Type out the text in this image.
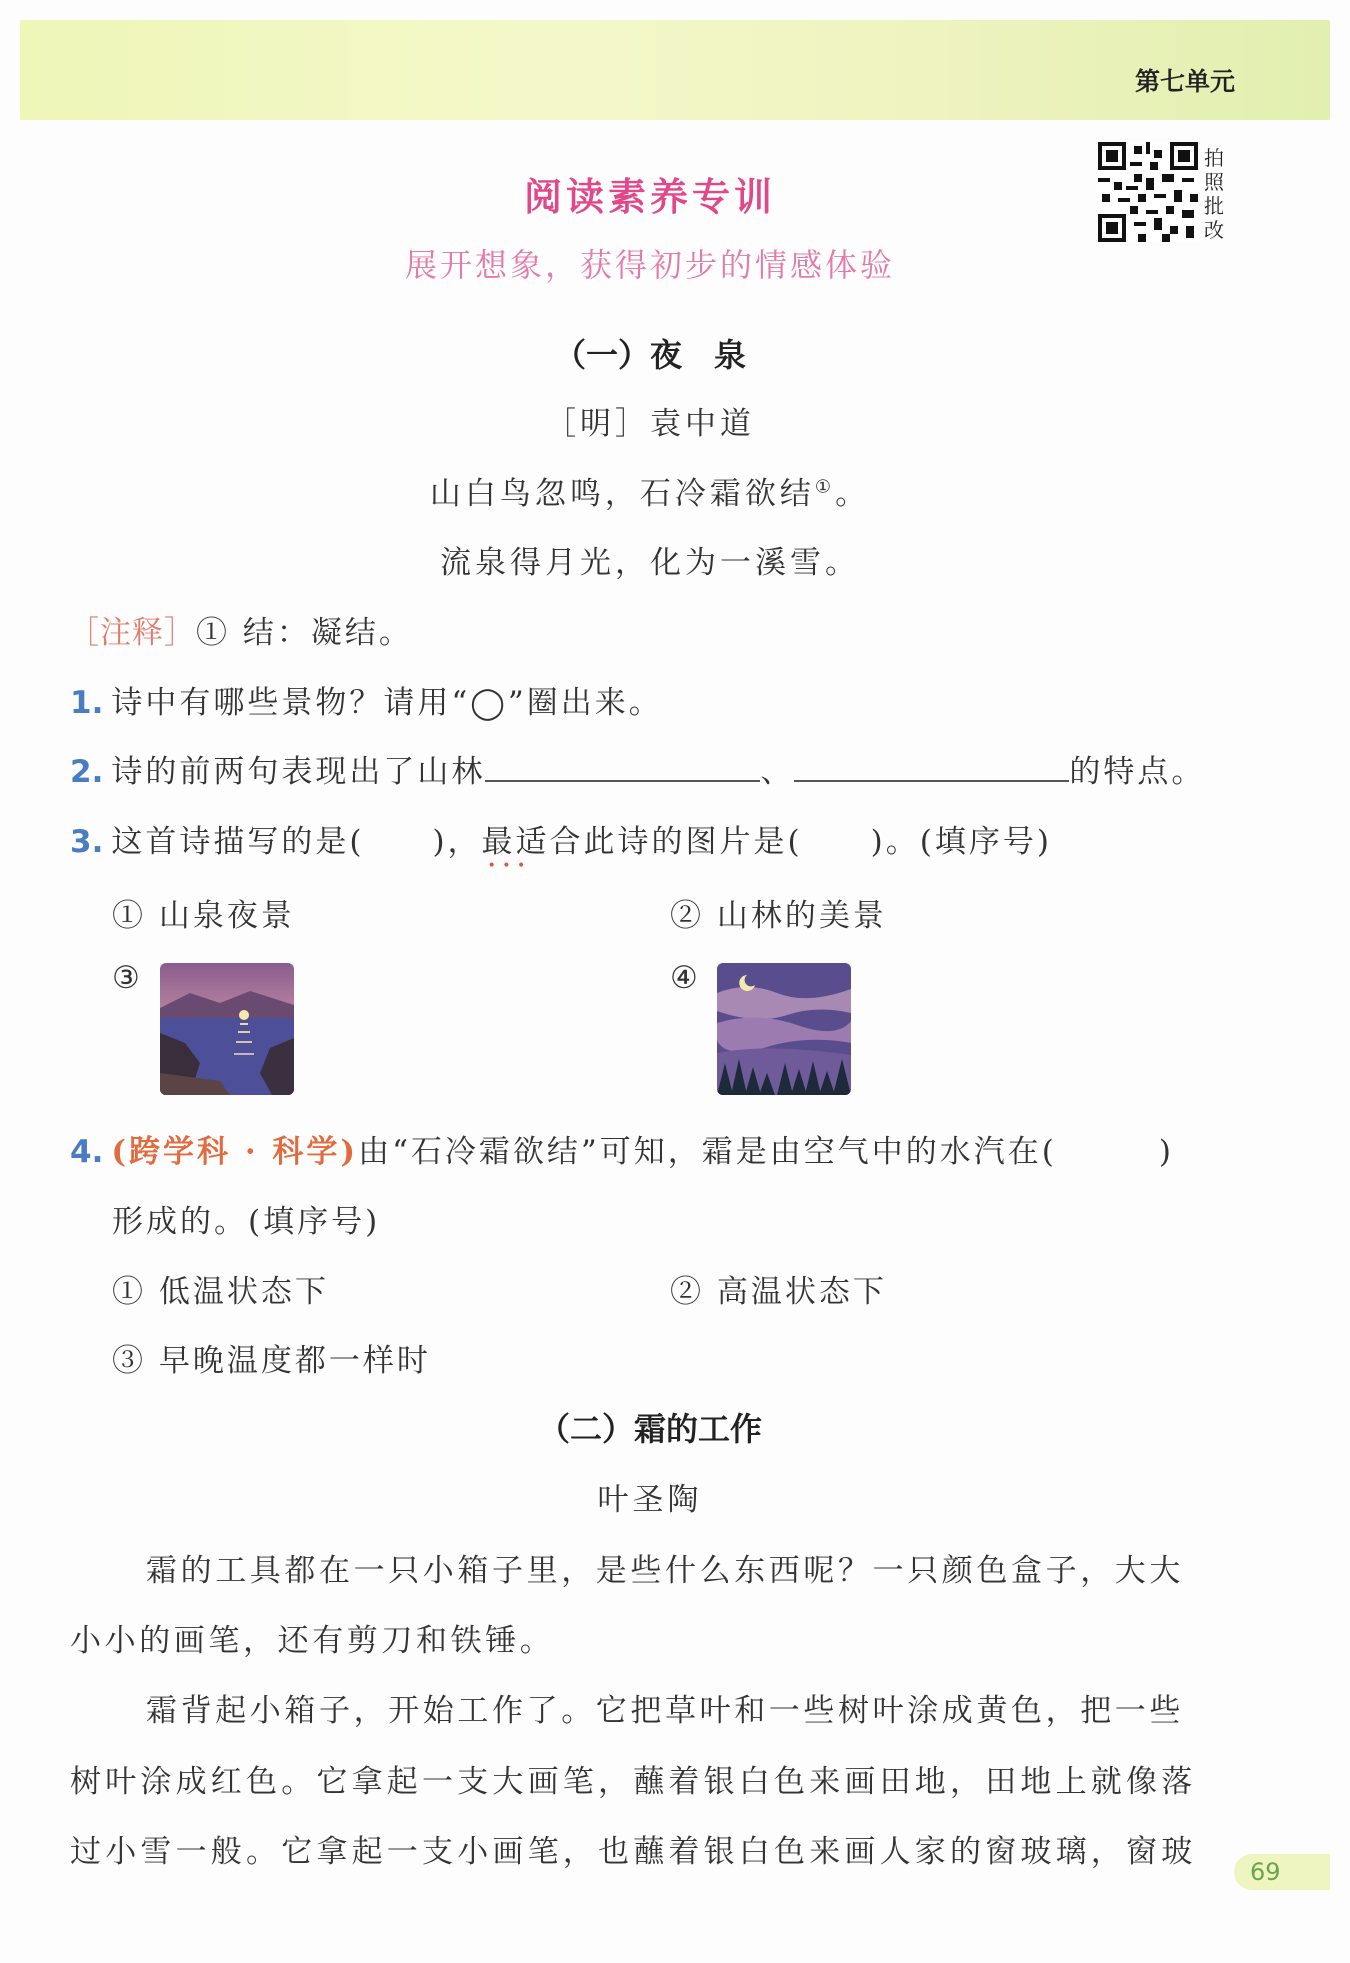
第七单元
阅读素养专训
展开想象，获得初步的情感体验
拍照批改
（一）夜　泉
［明］袁中道
山白鸟忽鸣，石冷霜欲结①。
流泉得月光，化为一溪雪。
［注释］① 结：凝结。
1. 诗中有哪些景物？请用“◯”圈出来。
2. 诗的前两句表现出了山林	、	的特点。
3. 这首诗描写的是(　　)，最适合 • •此诗的图片是(　　)。(填序号)
① 山泉夜景	② 山林的美景
③	④
4. (跨学科 · 科学)由“石冷霜欲结”可知，霜是由空气中的水汽在(　　　)
形成的。(填序号)
① 低温状态下	② 高温状态下
③ 早晚温度都一样时
（二）霜的工作
叶圣陶
霜的工具都在一只小箱子里，是些什么东西呢？一只颜色盒子，大大
小小的画笔，还有剪刀和铁锤。
霜背起小箱子，开始工作了。它把草叶和一些树叶涂成黄色，把一些
树叶涂成红色。它拿起一支大画笔，蘸着银白色来画田地，田地上就像落
过小雪一般。它拿起一支小画笔，也蘸着银白色来画人家的窗玻璃，窗玻
69
